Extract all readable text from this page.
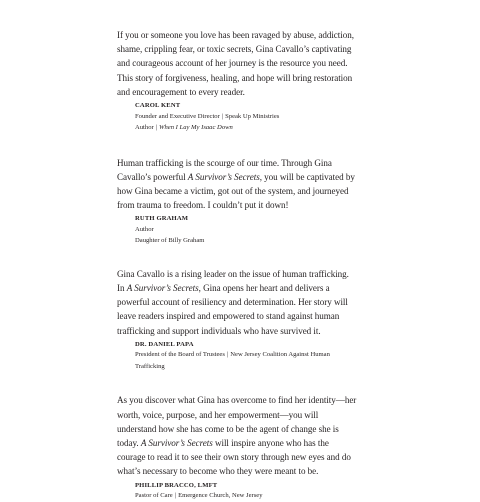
If you or someone you love has been ravaged by abuse, addiction, shame, crippling fear, or toxic secrets, Gina Cavallo’s captivating and courageous account of her journey is the resource you need. This story of forgiveness, healing, and hope will bring restoration and encouragement to every reader.

CAROL KENT
Founder and Executive Director | Speak Up Ministries
Author | When I Lay My Isaac Down

Human trafficking is the scourge of our time. Through Gina Cavallo’s powerful A Survivor’s Secrets, you will be captivated by how Gina became a victim, got out of the system, and journeyed from trauma to freedom. I couldn’t put it down!

RUTH GRAHAM
Author
Daughter of Billy Graham

Gina Cavallo is a rising leader on the issue of human trafficking. In A Survivor’s Secrets, Gina opens her heart and delivers a powerful account of resiliency and determination. Her story will leave readers inspired and empowered to stand against human trafficking and support individuals who have survived it.

DR. DANIEL PAPA
President of the Board of Trustees | New Jersey Coalition Against Human Trafficking

As you discover what Gina has overcome to find her identity—her worth, voice, purpose, and her empowerment—you will understand how she has come to be the agent of change she is today. A Survivor’s Secrets will inspire anyone who has the courage to read it to see their own story through new eyes and do what’s necessary to become who they were meant to be.

PHILLIP BRACCO, LMFT
Pastor of Care | Emergence Church, New Jersey
